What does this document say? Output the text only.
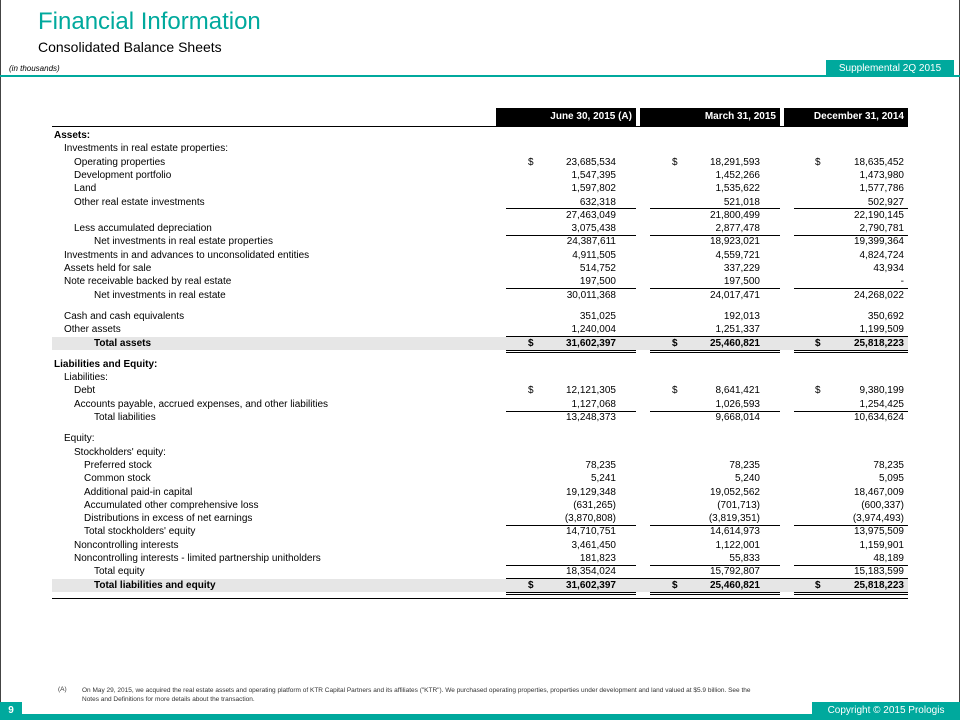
Financial Information
Consolidated Balance Sheets
(in thousands)	Supplemental 2Q 2015
June 30, 2015 (A)	March 31, 2015	December 31, 2014
Assets:
Investments in real estate properties:
Operating properties	$	23,685,534	$	18,291,593	$	18,635,452
Development portfolio	1,547,395	1,452,266	1,473,980
Land	1,597,802	1,535,622	1,577,786
Other real estate investments	632,318	521,018	502,927
27,463,049	21,800,499	22,190,145
Less accumulated depreciation	3,075,438	2,877,478	2,790,781
Net investments in real estate properties	24,387,611	18,923,021	19,399,364
Investments in and advances to unconsolidated entities	4,911,505	4,559,721	4,824,724
Assets held for sale	514,752	337,229	43,934
Note receivable backed by real estate	197,500	197,500	-
Net investments in real estate	30,011,368	24,017,471	24,268,022
Cash and cash equivalents	351,025	192,013	350,692
Other assets	1,240,004	1,251,337	1,199,509
Total assets	$	31,602,397	$	25,460,821	$	25,818,223
Liabilities and Equity:
Liabilities:
Debt	$	12,121,305	$	8,641,421	$	9,380,199
Accounts payable, accrued expenses, and other liabilities	1,127,068	1,026,593	1,254,425
Total liabilities	13,248,373	9,668,014	10,634,624
Equity:
Stockholders' equity:
Preferred stock	78,235	78,235	78,235
Common stock	5,241	5,240	5,095
Additional paid-in capital	19,129,348	19,052,562	18,467,009
Accumulated other comprehensive loss	(631,265)	(701,713)	(600,337)
Distributions in excess of net earnings	(3,870,808)	(3,819,351)	(3,974,493)
Total stockholders' equity	14,710,751	14,614,973	13,975,509
Noncontrolling interests	3,461,450	1,122,001	1,159,901
Noncontrolling interests - limited partnership unitholders	181,823	55,833	48,189
Total equity	18,354,024	15,792,807	15,183,599
Total liabilities and equity	$	31,602,397	$	25,460,821	$	25,818,223
(A) On May 29, 2015, we acquired the real estate assets and operating platform of KTR Capital Partners and its affiliates ("KTR"). We purchased operating properties, properties under development and land valued at $5.9 billion. See the Notes and Definitions for more details about the transaction.
9	Copyright © 2015 Prologis
